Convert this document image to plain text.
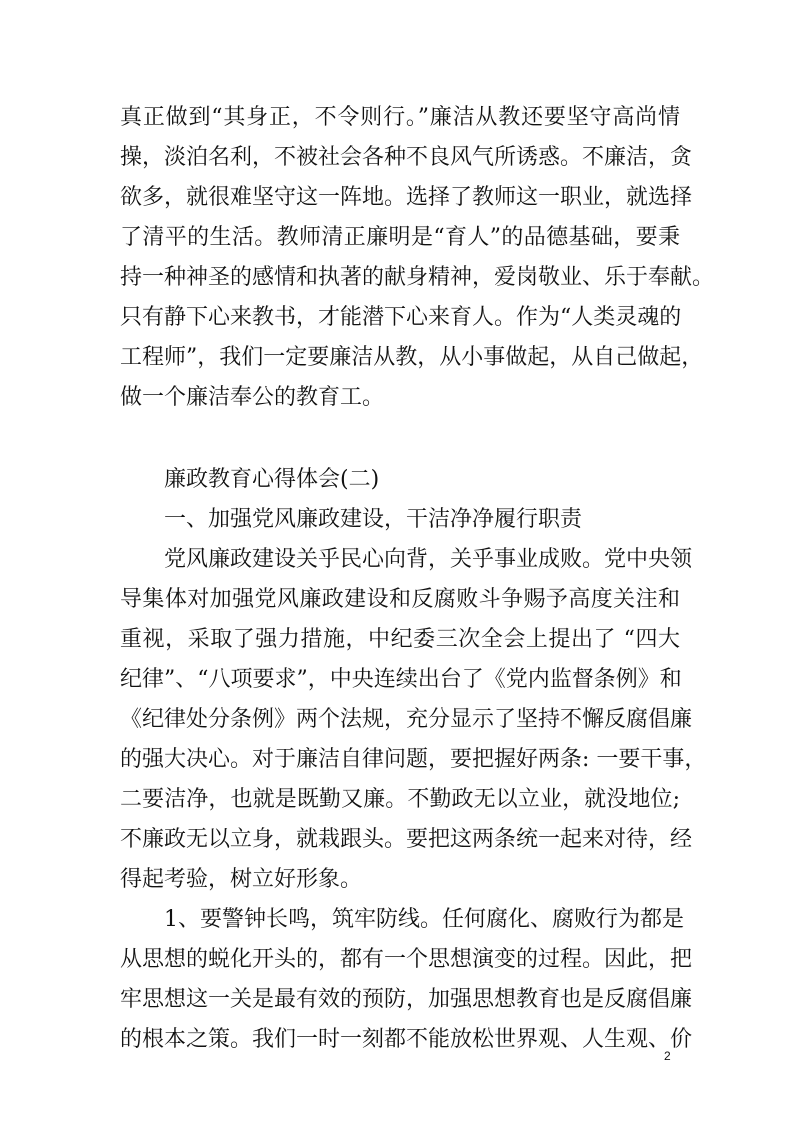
真正做到“其身正，不令则行。”廉洁从教还要坚守高尚情
操，淡泊名利，不被社会各种不良风气所诱惑。不廉洁，贪
欲多，就很难坚守这一阵地。选择了教师这一职业，就选择
了清平的生活。教师清正廉明是“育人”的品德基础，要秉
持一种神圣的感情和执著的献身精神，爱岗敬业、乐于奉献。
只有静下心来教书，才能潜下心来育人。作为“人类灵魂的
工程师”，我们一定要廉洁从教，从小事做起，从自己做起，
做一个廉洁奉公的教育工。
廉政教育心得体会(二)
一、加强党风廉政建设，干洁净净履行职责
党风廉政建设关乎民心向背，关乎事业成败。党中央领
导集体对加强党风廉政建设和反腐败斗争赐予高度关注和
重视，采取了强力措施，中纪委三次全会上提出了 “四大
纪律”、“八项要求”，中央连续出台了《党内监督条例》和
《纪律处分条例》两个法规，充分显示了坚持不懈反腐倡廉
的强大决心。对于廉洁自律问题，要把握好两条: 一要干事，
二要洁净，也就是既勤又廉。不勤政无以立业，就没地位;
不廉政无以立身，就栽跟头。要把这两条统一起来对待，经
得起考验，树立好形象。
1、要警钟长鸣，筑牢防线。任何腐化、腐败行为都是
从思想的蜕化开头的，都有一个思想演变的过程。因此，把
牢思想这一关是最有效的预防，加强思想教育也是反腐倡廉
的根本之策。我们一时一刻都不能放松世界观、人生观、价
2
